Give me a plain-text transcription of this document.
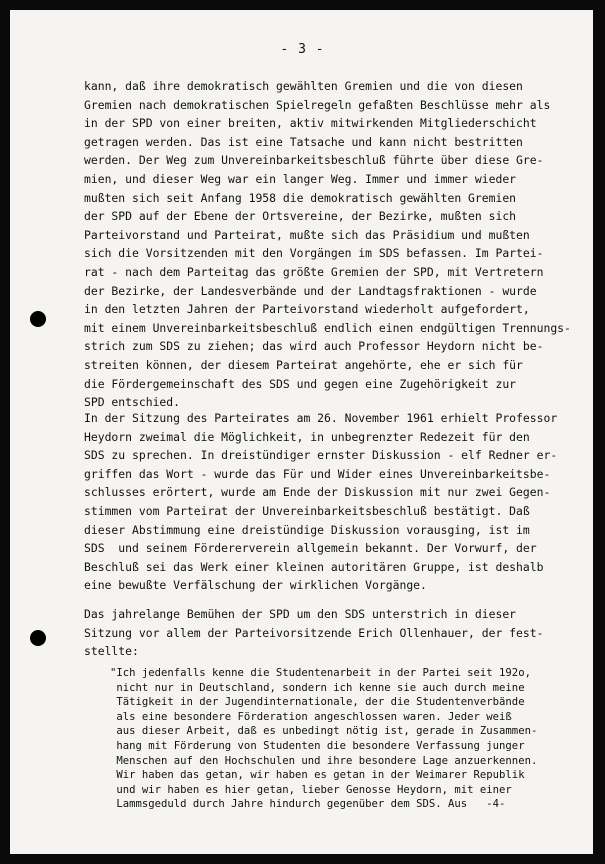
- 3 -
kann, daß ihre demokratisch gewählten Gremien und die von diesen
Gremien nach demokratischen Spielregeln gefaßten Beschlüsse mehr als
in der SPD von einer breiten, aktiv mitwirkenden Mitgliederschicht
getragen werden. Das ist eine Tatsache und kann nicht bestritten
werden. Der Weg zum Unvereinbarkeitsbeschluß führte über diese Gre-
mien, und dieser Weg war ein langer Weg. Immer und immer wieder
mußten sich seit Anfang 1958 die demokratisch gewählten Gremien
der SPD auf der Ebene der Ortsvereine, der Bezirke, mußten sich
Parteivorstand und Parteirat, mußte sich das Präsidium und mußten
sich die Vorsitzenden mit den Vorgängen im SDS befassen. Im Partei-
rat - nach dem Parteitag das größte Gremien der SPD, mit Vertretern
der Bezirke, der Landesverbände und der Landtagsfraktionen - wurde
in den letzten Jahren der Parteivorstand wiederholt aufgefordert,
mit einem Unvereinbarkeitsbeschluß endlich einen endgültigen Trennungs-
strich zum SDS zu ziehen; das wird auch Professor Heydorn nicht be-
streiten können, der diesem Parteirat angehörte, ehe er sich für
die Fördergemeinschaft des SDS und gegen eine Zugehörigkeit zur
SPD entschied.
In der Sitzung des Parteirates am 26. November 1961 erhielt Professor
Heydorn zweimal die Möglichkeit, in unbegrenzter Redezeit für den
SDS zu sprechen. In dreistündiger ernster Diskussion - elf Redner er-
griffen das Wort - wurde das Für und Wider eines Unvereinbarkeitsbe-
schlusses erörtert, wurde am Ende der Diskussion mit nur zwei Gegen-
stimmen vom Parteirat der Unvereinbarkeitsbeschluß bestätigt. Daß
dieser Abstimmung eine dreistündige Diskussion vorausging, ist im
SDS  und seinem Fördererverein allgemein bekannt. Der Vorwurf, der
Beschluß sei das Werk einer kleinen autoritären Gruppe, ist deshalb
eine bewußte Verfälschung der wirklichen Vorgänge.
Das jahrelange Bemühen der SPD um den SDS unterstrich in dieser
Sitzung vor allem der Parteivorsitzende Erich Ollenhauer, der fest-
stellte:
"Ich jedenfalls kenne die Studentenarbeit in der Partei seit 192o,
nicht nur in Deutschland, sondern ich kenne sie auch durch meine
Tätigkeit in der Jugendinternationale, der die Studentenverbände
als eine besondere Förderation angeschlossen waren. Jeder weiß
aus dieser Arbeit, daß es unbedingt nötig ist, gerade in Zusammen-
hang mit Förderung von Studenten die besondere Verfassung junger
Menschen auf den Hochschulen und ihre besondere Lage anzuerkennen.
Wir haben das getan, wir haben es getan in der Weimarer Republik
und wir haben es hier getan, lieber Genosse Heydorn, mit einer
Lammsgeduld durch Jahre hindurch gegenüber dem SDS. Aus   -4-
